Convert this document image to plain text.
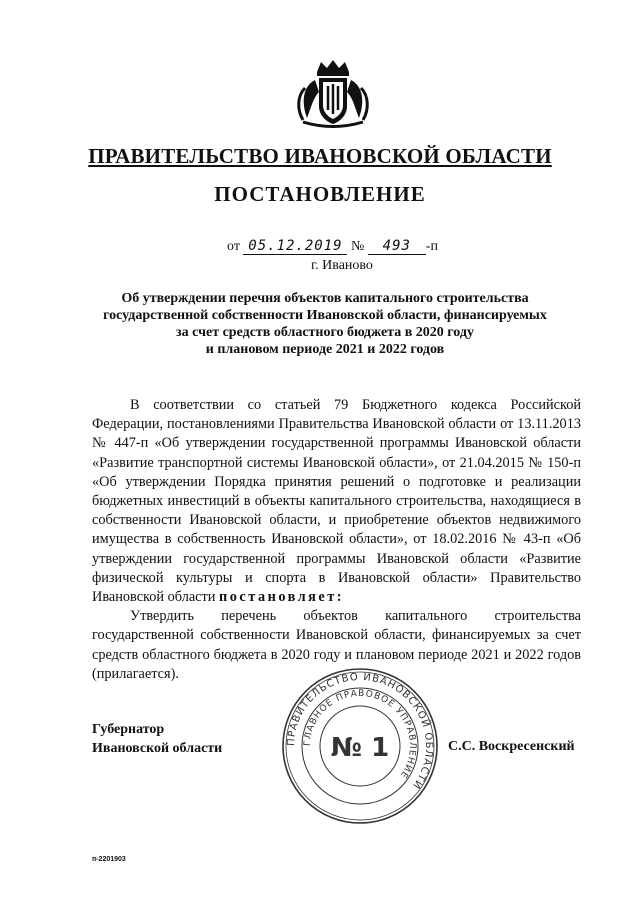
ПРАВИТЕЛЬСТВО ИВАНОВСКОЙ ОБЛАСТИ
ПОСТАНОВЛЕНИЕ
от 05.12.2019 № 493 -п
г. Иваново
Об утверждении перечня объектов капитального строительства
государственной собственности Ивановской области, финансируемых
за счет средств областного бюджета в 2020 году
и плановом периоде 2021 и 2022 годов

В соответствии со статьей 79 Бюджетного кодекса Российской Федерации, постановлениями Правительства Ивановской области от 13.11.2013 № 447-п «Об утверждении государственной программы Ивановской области «Развитие транспортной системы Ивановской области», от 21.04.2015 № 150-п «Об утверждении Порядка принятия решений о подготовке и реализации бюджетных инвестиций в объекты капитального строительства, находящиеся в собственности Ивановской области, и приобретение объектов недвижимого имущества в собственность Ивановской области», от 18.02.2016 № 43-п «Об утверждении государственной программы Ивановской области «Развитие физической культуры и спорта в Ивановской области» Правительство Ивановской области постановляет:

Утвердить перечень объектов капитального строительства государственной собственности Ивановской области, финансируемых за счет средств областного бюджета в 2020 году и плановом периоде 2021 и 2022 годов (прилагается).

ПРАВИТЕЛЬСТВО ИВАНОВСКОЙ ОБЛАСТИ
ГЛАВНОЕ ПРАВОВОЕ УПРАВЛЕНИЕ
№ 1
Губернатор
Ивановской области	С.С. Воскресенский
п-2201903
